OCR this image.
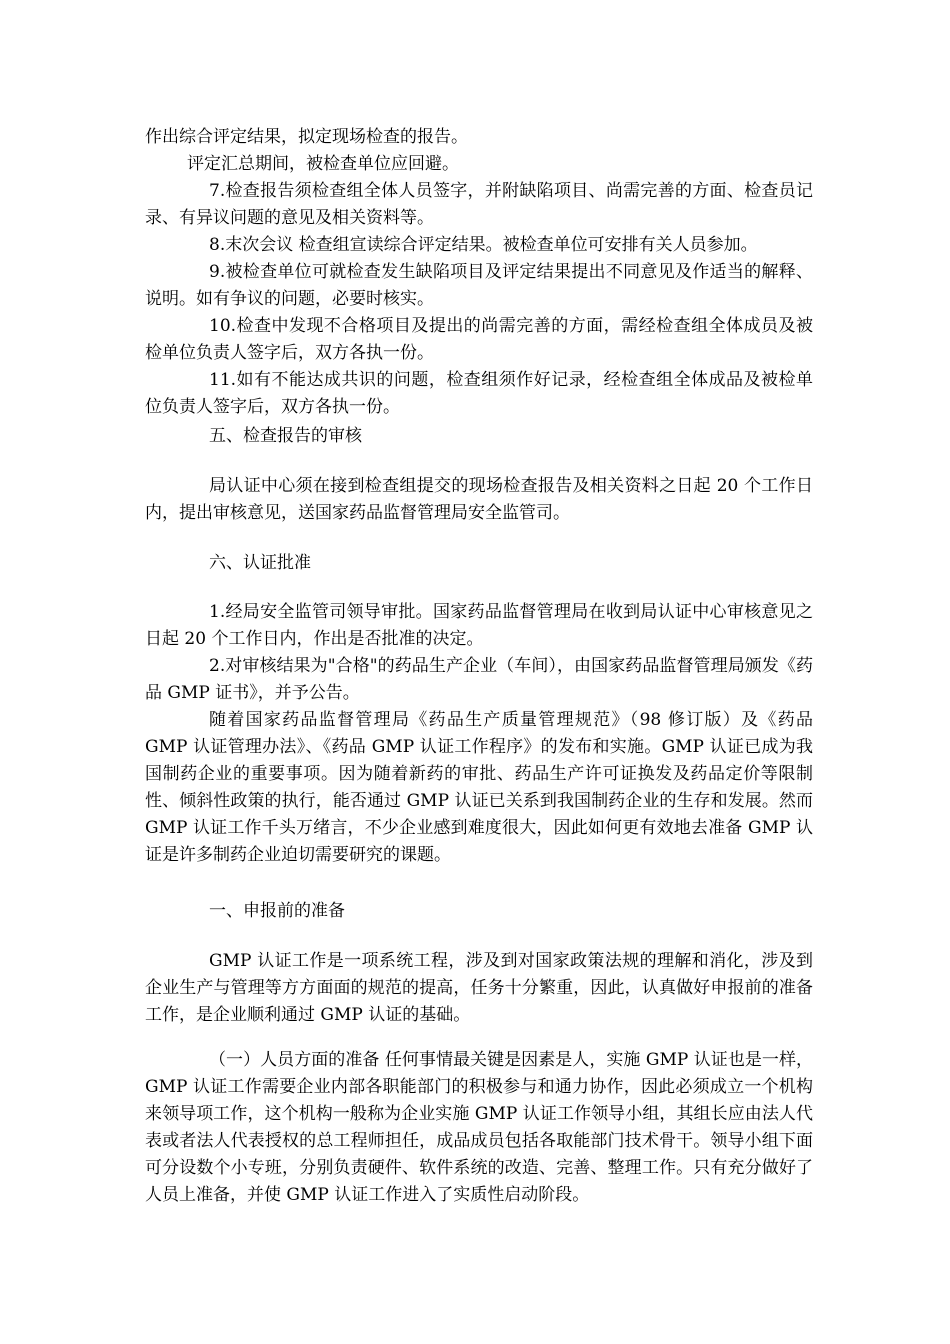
作出综合评定结果，拟定现场检查的报告。

评定汇总期间，被检查单位应回避。

7.检查报告须检查组全体人员签字，并附缺陷项目、尚需完善的方面、检查员记录、有异议问题的意见及相关资料等。

8.末次会议 检查组宣读综合评定结果。被检查单位可安排有关人员参加。

9.被检查单位可就检查发生缺陷项目及评定结果提出不同意见及作适当的解释、说明。如有争议的问题，必要时核实。

10.检查中发现不合格项目及提出的尚需完善的方面，需经检查组全体成员及被检单位负责人签字后，双方各执一份。

11.如有不能达成共识的问题，检查组须作好记录，经检查组全体成品及被检单位负责人签字后，双方各执一份。

五、检查报告的审核

局认证中心须在接到检查组提交的现场检查报告及相关资料之日起 20 个工作日内，提出审核意见，送国家药品监督管理局安全监管司。

六、认证批准

1.经局安全监管司领导审批。国家药品监督管理局在收到局认证中心审核意见之日起 20 个工作日内，作出是否批准的决定。

2.对审核结果为"合格"的药品生产企业（车间），由国家药品监督管理局颁发《药品 GMP 证书》，并予公告。

随着国家药品监督管理局《药品生产质量管理规范》（98 修订版）及《药品 GMP 认证管理办法》、《药品 GMP 认证工作程序》的发布和实施。GMP 认证已成为我国制药企业的重要事项。因为随着新药的审批、药品生产许可证换发及药品定价等限制性、倾斜性政策的执行，能否通过 GMP 认证已关系到我国制药企业的生存和发展。然而 GMP 认证工作千头万绪言，不少企业感到难度很大，因此如何更有效地去准备 GMP 认证是许多制药企业迫切需要研究的课题。

一、申报前的准备

GMP 认证工作是一项系统工程，涉及到对国家政策法规的理解和消化，涉及到企业生产与管理等方方面面的规范的提高，任务十分繁重，因此，认真做好申报前的准备工作，是企业顺利通过 GMP 认证的基础。

（一）人员方面的准备 任何事情最关键是因素是人，实施 GMP 认证也是一样，GMP 认证工作需要企业内部各职能部门的积极参与和通力协作，因此必须成立一个机构来领导项工作，这个机构一般称为企业实施 GMP 认证工作领导小组，其组长应由法人代表或者法人代表授权的总工程师担任，成品成员包括各取能部门技术骨干。领导小组下面可分设数个小专班，分别负责硬件、软件系统的改造、完善、整理工作。只有充分做好了人员上准备，并使 GMP 认证工作进入了实质性启动阶段。
